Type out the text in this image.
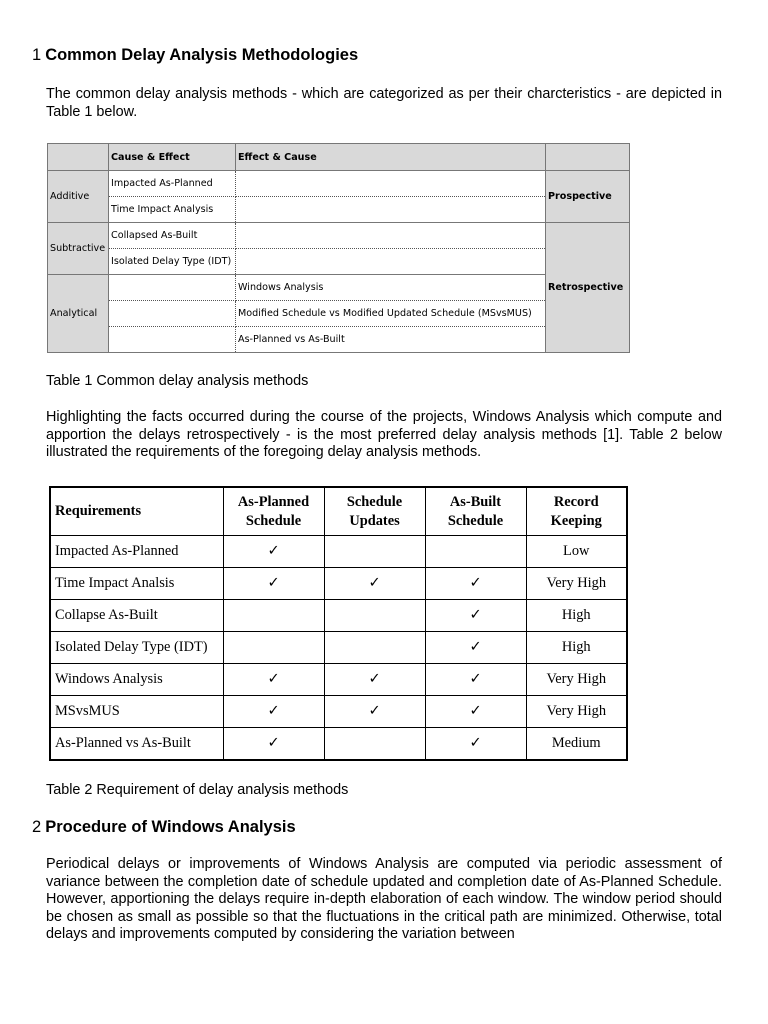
1 Common Delay Analysis Methodologies
The common delay analysis methods - which are categorized as per their charcteristics - are depicted in Table 1 below.
	Cause & Effect	Effect & Cause	
Additive	Impacted As-Planned		Prospective
	Time Impact Analysis		
Subtractive	Collapsed As-Built		Retrospective
	Isolated Delay Type (IDT)		
Analytical		Windows Analysis	
		Modified Schedule vs Modified Updated Schedule (MSvsMUS)	
		As-Planned vs As-Built	
Table 1 Common delay analysis methods
Highlighting the facts occurred during the course of the projects, Windows Analysis which compute and apportion the delays retrospectively - is the most preferred delay analysis methods [1]. Table 2 below illustrated the requirements of the foregoing delay analysis methods.
Requirements	As-Planned Schedule	Schedule Updates	As-Built Schedule	Record Keeping
Impacted As-Planned	✓			Low
Time Impact Analsis	✓	✓	✓	Very High
Collapse As-Built			✓	High
Isolated Delay Type (IDT)			✓	High
Windows Analysis	✓	✓	✓	Very High
MSvsMUS	✓	✓	✓	Very High
As-Planned vs As-Built	✓		✓	Medium
Table 2 Requirement of delay analysis methods
2 Procedure of Windows Analysis
Periodical delays or improvements of Windows Analysis are computed via periodic assessment of variance between the completion date of schedule updated and completion date of As-Planned Schedule. However, apportioning the delays require in-depth elaboration of each window. The window period should be chosen as small as possible so that the fluctuations in the critical path are minimized. Otherwise, total delays and improvements computed by considering the variation between
